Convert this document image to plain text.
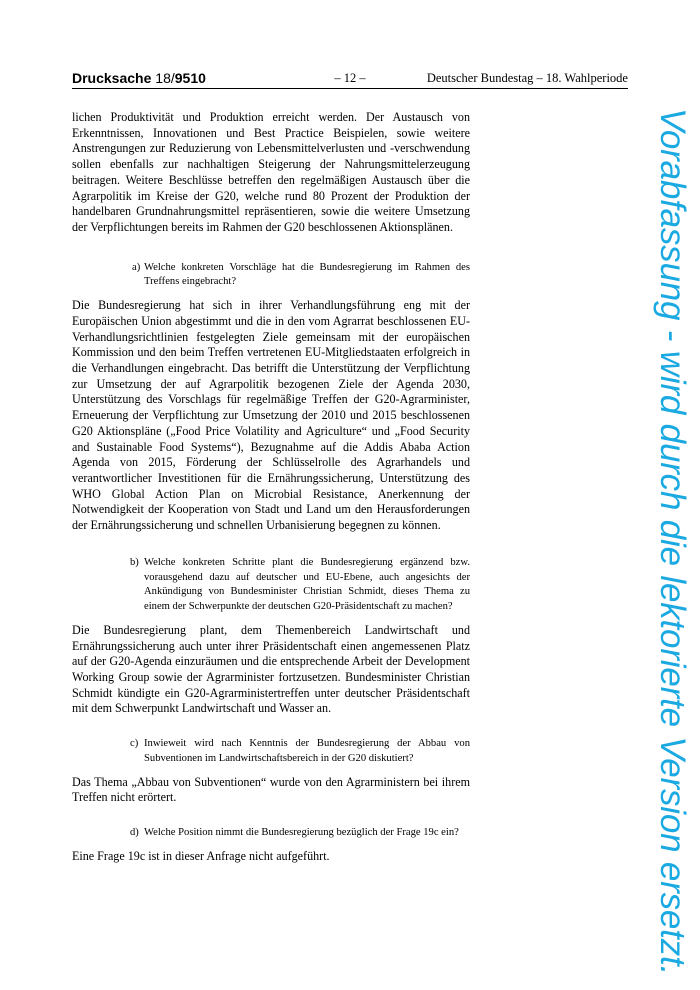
Drucksache 18/9510	– 12 –	Deutscher Bundestag – 18. Wahlperiode

lichen Produktivität und Produktion erreicht werden. Der Austausch von Erkenntnissen, Innovationen und Best Practice Beispielen, sowie weitere Anstrengungen zur Reduzierung von Lebensmittelverlusten und -verschwendung sollen ebenfalls zur nachhaltigen Steigerung der Nahrungsmittelerzeugung beitragen. Weitere Beschlüsse betreffen den regelmäßigen Austausch über die Agrarpolitik im Kreise der G20, welche rund 80 Prozent der Produktion der handelbaren Grundnahrungsmittel repräsentieren, sowie die weitere Umsetzung der Verpflichtungen bereits im Rahmen der G20 beschlossenen Aktionsplänen.

a) Welche konkreten Vorschläge hat die Bundesregierung im Rahmen des Treffens eingebracht?

Die Bundesregierung hat sich in ihrer Verhandlungsführung eng mit der Europäischen Union abgestimmt und die in den vom Agrarrat beschlossenen EU-Verhandlungsrichtlinien festgelegten Ziele gemeinsam mit der europäischen Kommission und den beim Treffen vertretenen EU-Mitgliedstaaten erfolgreich in die Verhandlungen eingebracht. Das betrifft die Unterstützung der Verpflichtung zur Umsetzung der auf Agrarpolitik bezogenen Ziele der Agenda 2030, Unterstützung des Vorschlags für regelmäßige Treffen der G20-Agrarminister, Erneuerung der Verpflichtung zur Umsetzung der 2010 und 2015 beschlossenen G20 Aktionspläne („Food Price Volatility and Agriculture“ und „Food Security and Sustainable Food Systems“), Bezugnahme auf die Addis Ababa Action Agenda von 2015, Förderung der Schlüsselrolle des Agrarhandels und verantwortlicher Investitionen für die Ernährungssicherung, Unterstützung des WHO Global Action Plan on Microbial Resistance, Anerkennung der Notwendigkeit der Kooperation von Stadt und Land um den Herausforderungen der Ernährungssicherung und schnellen Urbanisierung begegnen zu können.

b) Welche konkreten Schritte plant die Bundesregierung ergänzend bzw. vorausgehend dazu auf deutscher und EU-Ebene, auch angesichts der Ankündigung von Bundesminister Christian Schmidt, dieses Thema zu einem der Schwerpunkte der deutschen G20-Präsidentschaft zu machen?

Die Bundesregierung plant, dem Themenbereich Landwirtschaft und Ernährungssicherung auch unter ihrer Präsidentschaft einen angemessenen Platz auf der G20-Agenda einzuräumen und die entsprechende Arbeit der Development Working Group sowie der Agrarminister fortzusetzen. Bundesminister Christian Schmidt kündigte ein G20-Agrarministertreffen unter deutscher Präsidentschaft mit dem Schwerpunkt Landwirtschaft und Wasser an.

c) Inwieweit wird nach Kenntnis der Bundesregierung der Abbau von Subventionen im Landwirtschaftsbereich in der G20 diskutiert?

Das Thema „Abbau von Subventionen“ wurde von den Agrarministern bei ihrem Treffen nicht erörtert.

d) Welche Position nimmt die Bundesregierung bezüglich der Frage 19c ein?

Eine Frage 19c ist in dieser Anfrage nicht aufgeführt.	Vorabfassung - wird durch die lektorierte Version ersetzt.
